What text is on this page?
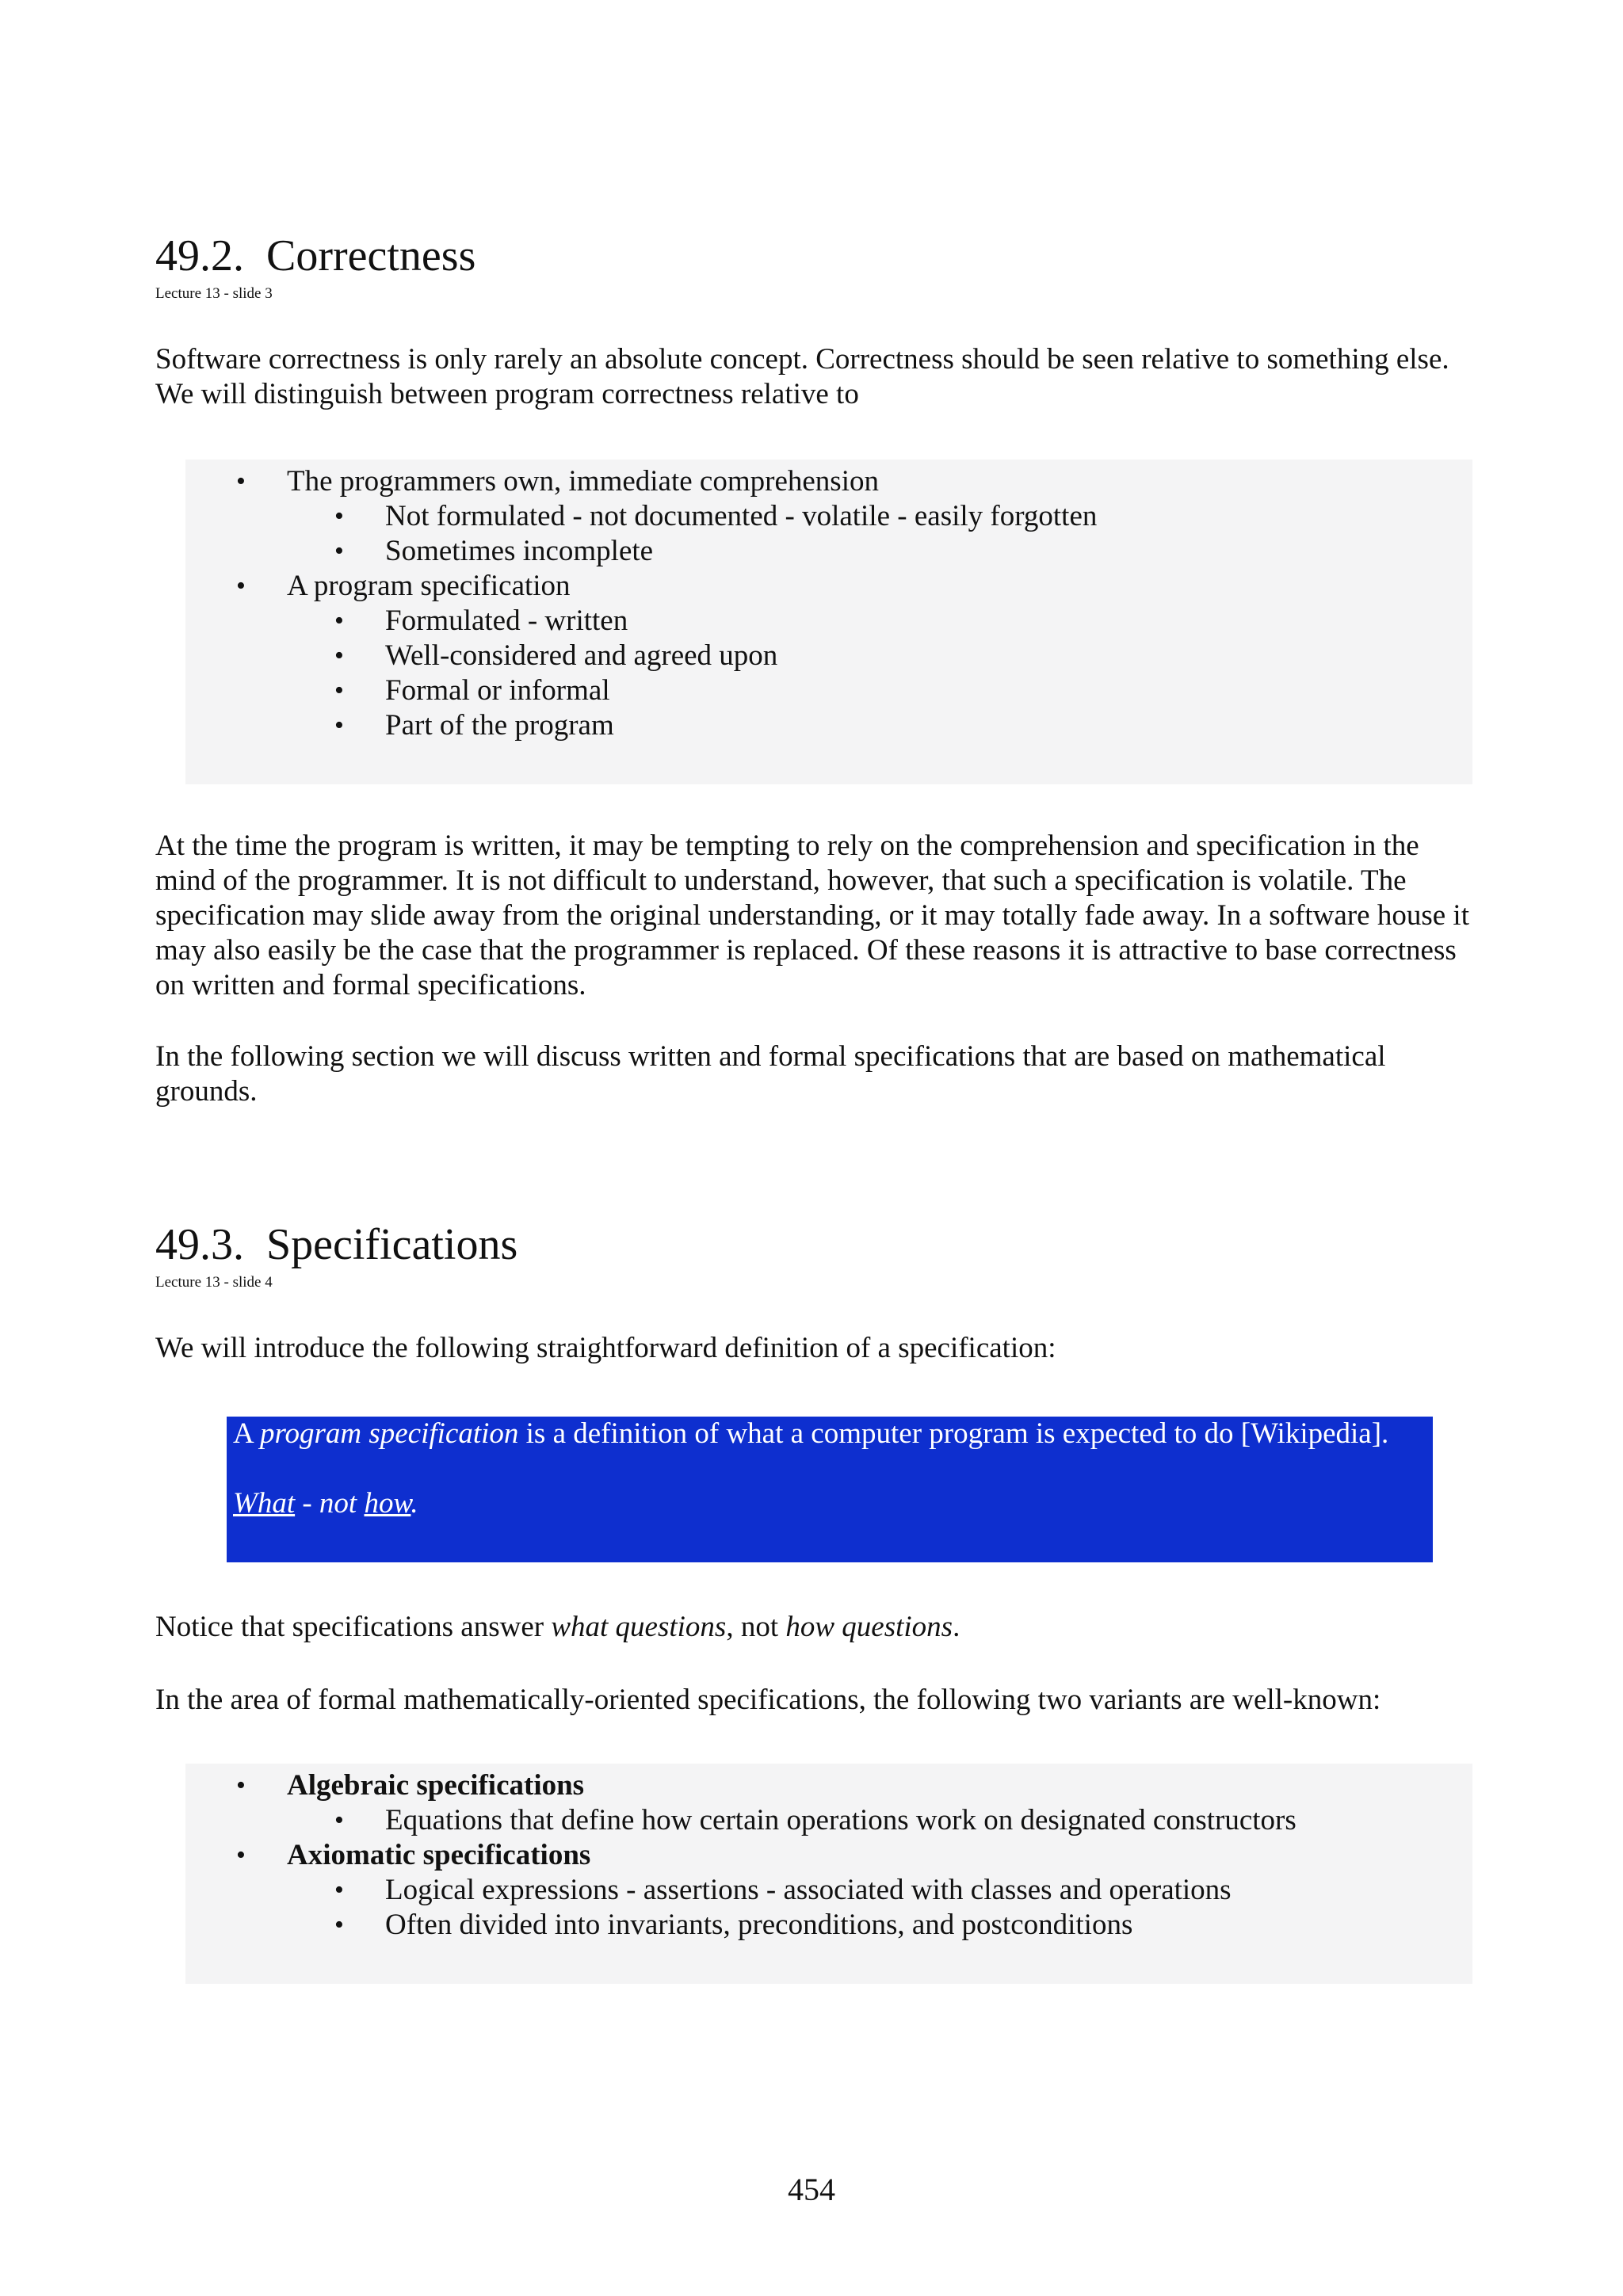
49.2. Correctness
Lecture 13 - slide 3

Software correctness is only rarely an absolute concept. Correctness should be seen relative to something else. We will distinguish between program correctness relative to

• The programmers own, immediate comprehension
• Not formulated - not documented - volatile - easily forgotten
• Sometimes incomplete
• A program specification
• Formulated - written
• Well-considered and agreed upon
• Formal or informal
• Part of the program

At the time the program is written, it may be tempting to rely on the comprehension and specification in the mind of the programmer. It is not difficult to understand, however, that such a specification is volatile. The specification may slide away from the original understanding, or it may totally fade away. In a software house it may also easily be the case that the programmer is replaced. Of these reasons it is attractive to base correctness on written and formal specifications.

In the following section we will discuss written and formal specifications that are based on mathematical grounds.

49.3. Specifications
Lecture 13 - slide 4

We will introduce the following straightforward definition of a specification:

A program specification is a definition of what a computer program is expected to do [Wikipedia].
What - not how.

Notice that specifications answer what questions, not how questions.

In the area of formal mathematically-oriented specifications, the following two variants are well-known:

• Algebraic specifications
• Equations that define how certain operations work on designated constructors
• Axiomatic specifications
• Logical expressions - assertions - associated with classes and operations
• Often divided into invariants, preconditions, and postconditions
454
